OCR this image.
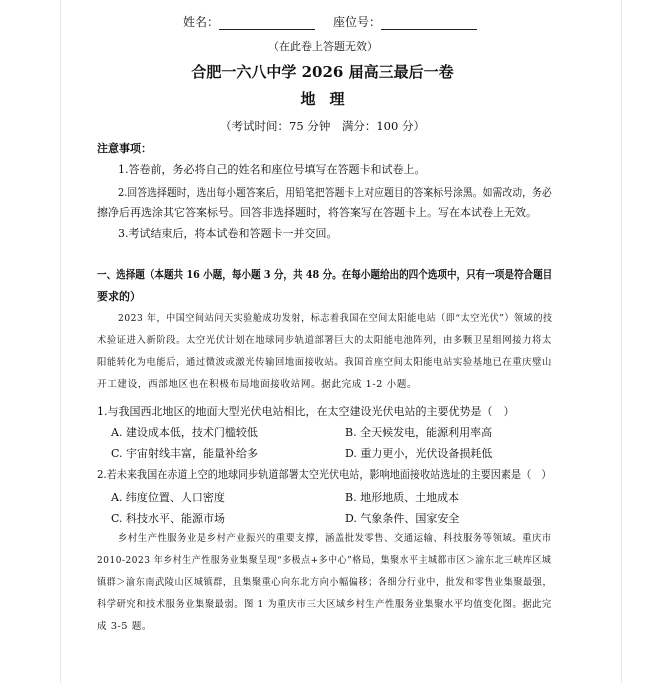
姓名：	座位号：
（在此卷上答题无效）
合肥一六八中学 2026 届高三最后一卷
地理
（考试时间：75 分钟　满分：100 分）
注意事项：
1.答卷前，务必将自己的姓名和座位号填写在答题卡和试卷上。
2.回答选择题时，选出每小题答案后，用铅笔把答题卡上对应题目的答案标号涂黑。如需改动，务必
擦净后再选涂其它答案标号。回答非选择题时，将答案写在答题卡上。写在本试卷上无效。
3.考试结束后，将本试卷和答题卡一并交回。
一、选择题（本题共 16 小题，每小题 3 分，共 48 分。在每小题给出的四个选项中，只有一项是符合题目
要求的）
2023 年，中国空间站问天实验舱成功发射，标志着我国在空间太阳能电站（即“太空光伏”）领域的技
术验证进入新阶段。太空光伏计划在地球同步轨道部署巨大的太阳能电池阵列，由多颗卫星组网接力将太
阳能转化为电能后，通过微波或激光传输回地面接收站。我国首座空间太阳能电站实验基地已在重庆璧山
开工建设，西部地区也在积极布局地面接收站网。据此完成 1-2 小题。
1.与我国西北地区的地面大型光伏电站相比，在太空建设光伏电站的主要优势是（　）
A. 建设成本低，技术门槛较低	B. 全天候发电，能源利用率高
C. 宇宙射线丰富，能量补给多	D. 重力更小，光伏设备损耗低
2.若未来我国在赤道上空的地球同步轨道部署太空光伏电站，影响地面接收站选址的主要因素是（　）
A. 纬度位置、人口密度	B. 地形地质、土地成本
C. 科技水平、能源市场	D. 气象条件、国家安全
乡村生产性服务业是乡村产业振兴的重要支撑，涵盖批发零售、交通运输、科技服务等领域。重庆市
2010-2023 年乡村生产性服务业集聚呈现“多极点+多中心”格局，集聚水平主城都市区＞渝东北三峡库区城
镇群＞渝东南武陵山区城镇群，且集聚重心向东北方向小幅偏移；各细分行业中，批发和零售业集聚最强，
科学研究和技术服务业集聚最弱。图 1 为重庆市三大区域乡村生产性服务业集聚水平均值变化图。据此完
成 3-5 题。
